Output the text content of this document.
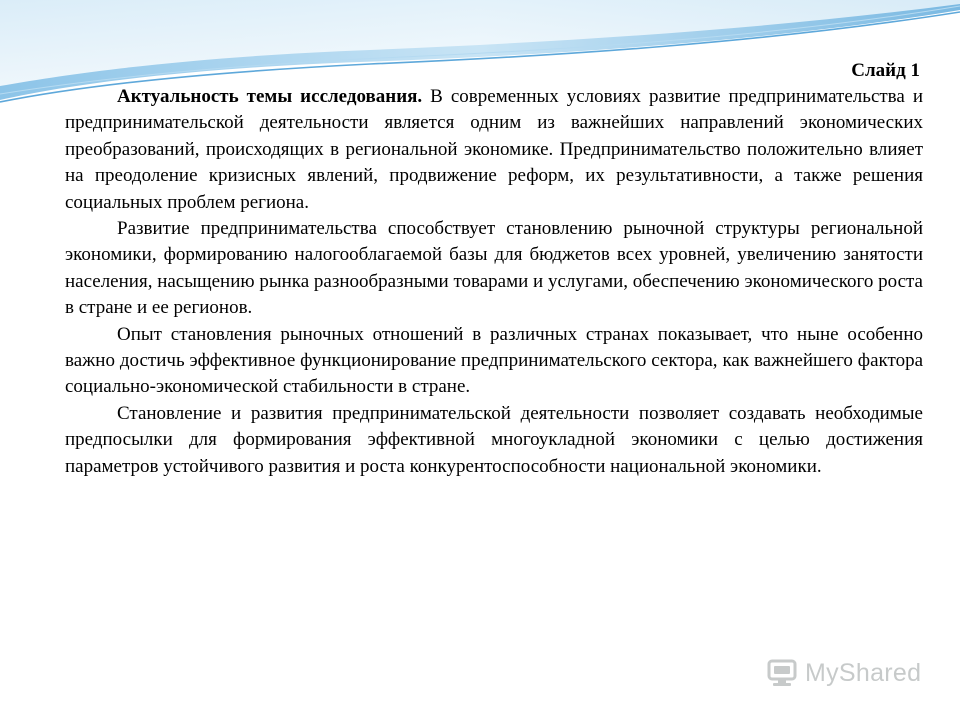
Слайд 1

Актуальность темы исследования. В современных условиях развитие предпринимательства и предпринимательской деятельности является одним из важнейших направлений экономических преобразований, происходящих в региональной экономике. Предпринимательство положительно влияет на преодоление кризисных явлений, продвижение реформ, их результативности, а также решения социальных проблем региона.

Развитие предпринимательства способствует становлению рыночной структуры региональной экономики, формированию налогооблагаемой базы для бюджетов всех уровней, увеличению занятости населения, насыщению рынка разнообразными товарами и услугами, обеспечению экономического роста в стране и ее регионов.

Опыт становления рыночных отношений в различных странах показывает, что ныне особенно важно достичь эффективное функционирование предпринимательского сектора, как важнейшего фактора социально-экономической стабильности в стране.

Становление и развития предпринимательской деятельности позволяет создавать необходимые предпосылки для формирования эффективной многоукладной экономики с целью достижения параметров устойчивого развития и роста конкурентоспособности национальной экономики.

MyShared
